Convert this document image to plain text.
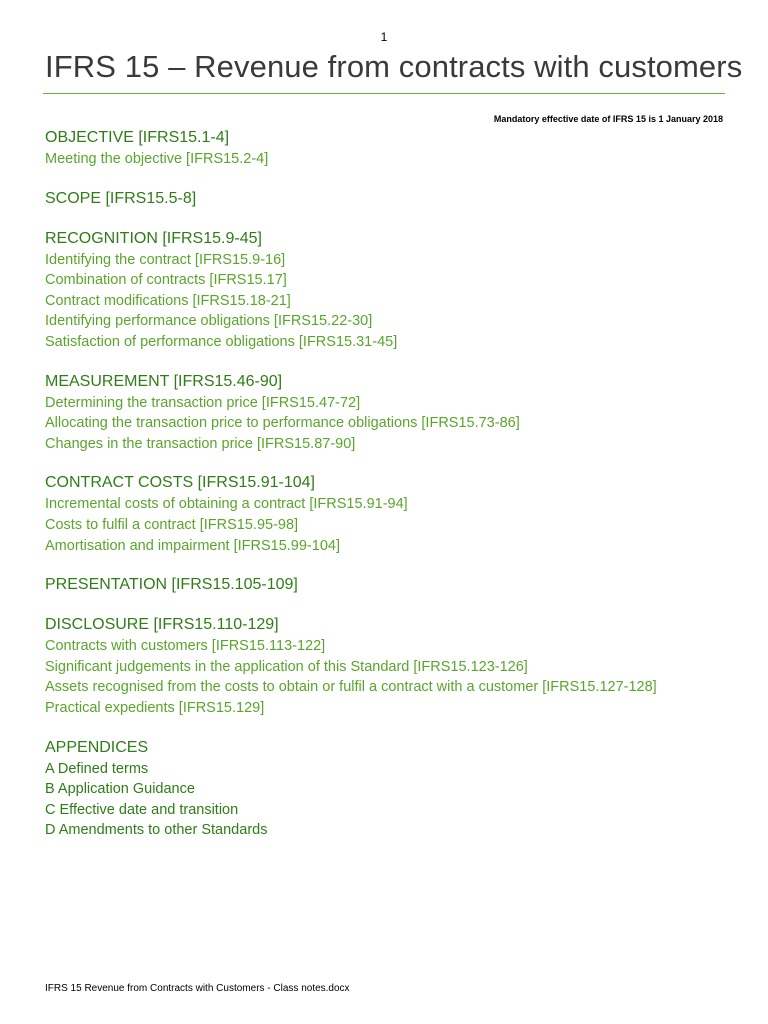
1
IFRS 15 – Revenue from contracts with customers
Mandatory effective date of IFRS 15 is 1 January 2018
OBJECTIVE [IFRS15.1-4]
Meeting the objective [IFRS15.2-4]
SCOPE [IFRS15.5-8]
RECOGNITION [IFRS15.9-45]
Identifying the contract [IFRS15.9-16]
Combination of contracts [IFRS15.17]
Contract modifications [IFRS15.18-21]
Identifying performance obligations [IFRS15.22-30]
Satisfaction of performance obligations [IFRS15.31-45]
MEASUREMENT [IFRS15.46-90]
Determining the transaction price [IFRS15.47-72]
Allocating the transaction price to performance obligations [IFRS15.73-86]
Changes in the transaction price [IFRS15.87-90]
CONTRACT COSTS [IFRS15.91-104]
Incremental costs of obtaining a contract [IFRS15.91-94]
Costs to fulfil a contract [IFRS15.95-98]
Amortisation and impairment [IFRS15.99-104]
PRESENTATION [IFRS15.105-109]
DISCLOSURE [IFRS15.110-129]
Contracts with customers [IFRS15.113-122]
Significant judgements in the application of this Standard [IFRS15.123-126]
Assets recognised from the costs to obtain or fulfil a contract with a customer [IFRS15.127-128]
Practical expedients [IFRS15.129]
APPENDICES
A Defined terms
B Application Guidance
C Effective date and transition
D Amendments to other Standards
IFRS 15 Revenue from Contracts with Customers - Class notes.docx
